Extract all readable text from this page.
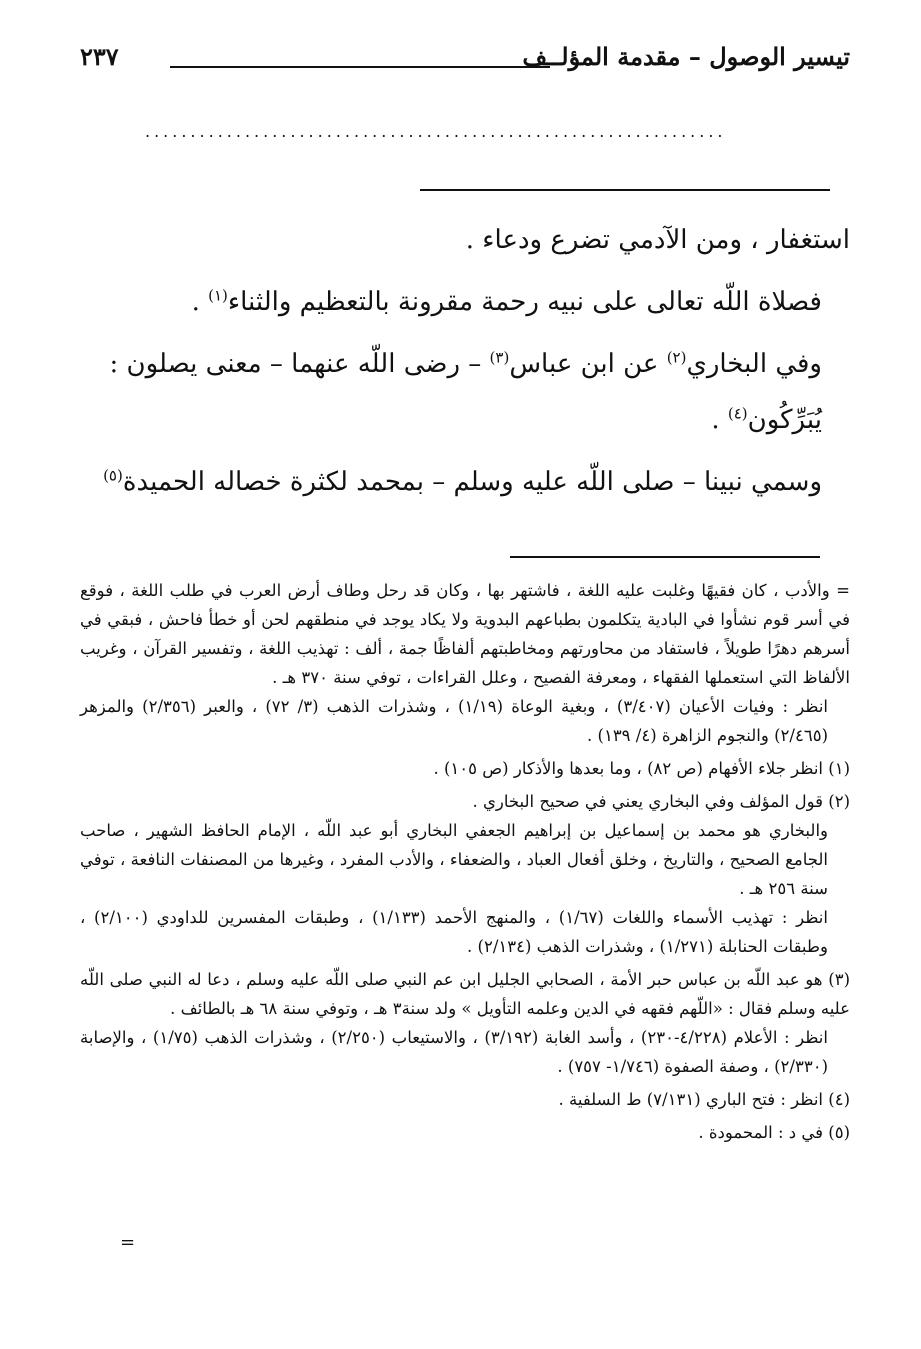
تيسير الوصول – مقدمة المؤلــف
٢٣٧
................................................................

استغفار ، ومن الآدمي تضرع ودعاء .

فصلاة اللّه تعالى على نبيه رحمة مقرونة بالتعظيم والثناء$^{(١)}$ .

وفي البخاري$^{(٢)}$ عن ابن عباس$^{(٣)}$ – رضى اللّه عنهما – معنى يصلون : يُبَرِّكُون$^{(٤)}$ .

وسمي نبينا – صلى اللّه عليه وسلم – بمحمد لكثرة خصاله الحميدة$^{(٥)}$

= والأدب ، كان فقيهًا وغلبت عليه اللغة ، فاشتهر بها ، وكان قد رحل وطاف أرض العرب في طلب اللغة ، فوقع في أسر قوم نشأوا في البادية يتكلمون بطباعهم البدوية ولا يكاد يوجد في منطقهم لحن أو خطأ فاحش ، فبقي في أسرهم دهرًا طويلاً ، فاستفاد من محاورتهم ومخاطبتهم ألفاظًا جمة ، ألف : تهذيب اللغة ، وتفسير القرآن ، وغريب الألفاظ التي استعملها الفقهاء ، ومعرفة الفصيح ، وعلل القراءات ، توفي سنة ٣٧٠ هـ .

انظر : وفيات الأعيان (٣/٤٠٧) ، وبغية الوعاة (١/١٩) ، وشذرات الذهب (٣/ ٧٢) ، والعبر (٢/٣٥٦) والمزهر (٢/٤٦٥) والنجوم الزاهرة (٤/ ١٣٩) .

(١) انظر جلاء الأفهام (ص ٨٢) ، وما بعدها والأذكار (ص ١٠٥) .

(٢) قول المؤلف وفي البخاري يعني في صحيح البخاري .

والبخاري هو محمد بن إسماعيل بن إبراهيم الجعفي البخاري أبو عبد اللّه ، الإمام الحافظ الشهير ، صاحب الجامع الصحيح ، والتاريخ ، وخلق أفعال العباد ، والضعفاء ، والأدب المفرد ، وغيرها من المصنفات النافعة ، توفي سنة ٢٥٦ هـ .

انظر : تهذيب الأسماء واللغات (١/٦٧) ، والمنهج الأحمد (١/١٣٣) ، وطبقات المفسرين للداودي (٢/١٠٠) ، وطبقات الحنابلة (١/٢٧١) ، وشذرات الذهب (٢/١٣٤) .

(٣) هو عبد اللّه بن عباس حبر الأمة ، الصحابي الجليل ابن عم النبي صلى اللّه عليه وسلم ، دعا له النبي صلى اللّه عليه وسلم فقال : «اللّهم فقهه في الدين وعلمه التأويل » ولد سنة٣ هـ ، وتوفي سنة ٦٨ هـ بالطائف .

انظر : الأعلام (٤/٢٢٨-٢٣٠) ، وأسد الغابة (٣/١٩٢) ، والاستيعاب (٢/٢٥٠) ، وشذرات الذهب (١/٧٥) ، والإصابة (٢/٣٣٠) ، وصفة الصفوة (١/٧٤٦- ٧٥٧) .

(٤) انظر : فتح الباري (٧/١٣١) ط السلفية .

(٥) في د : المحمودة .

=
